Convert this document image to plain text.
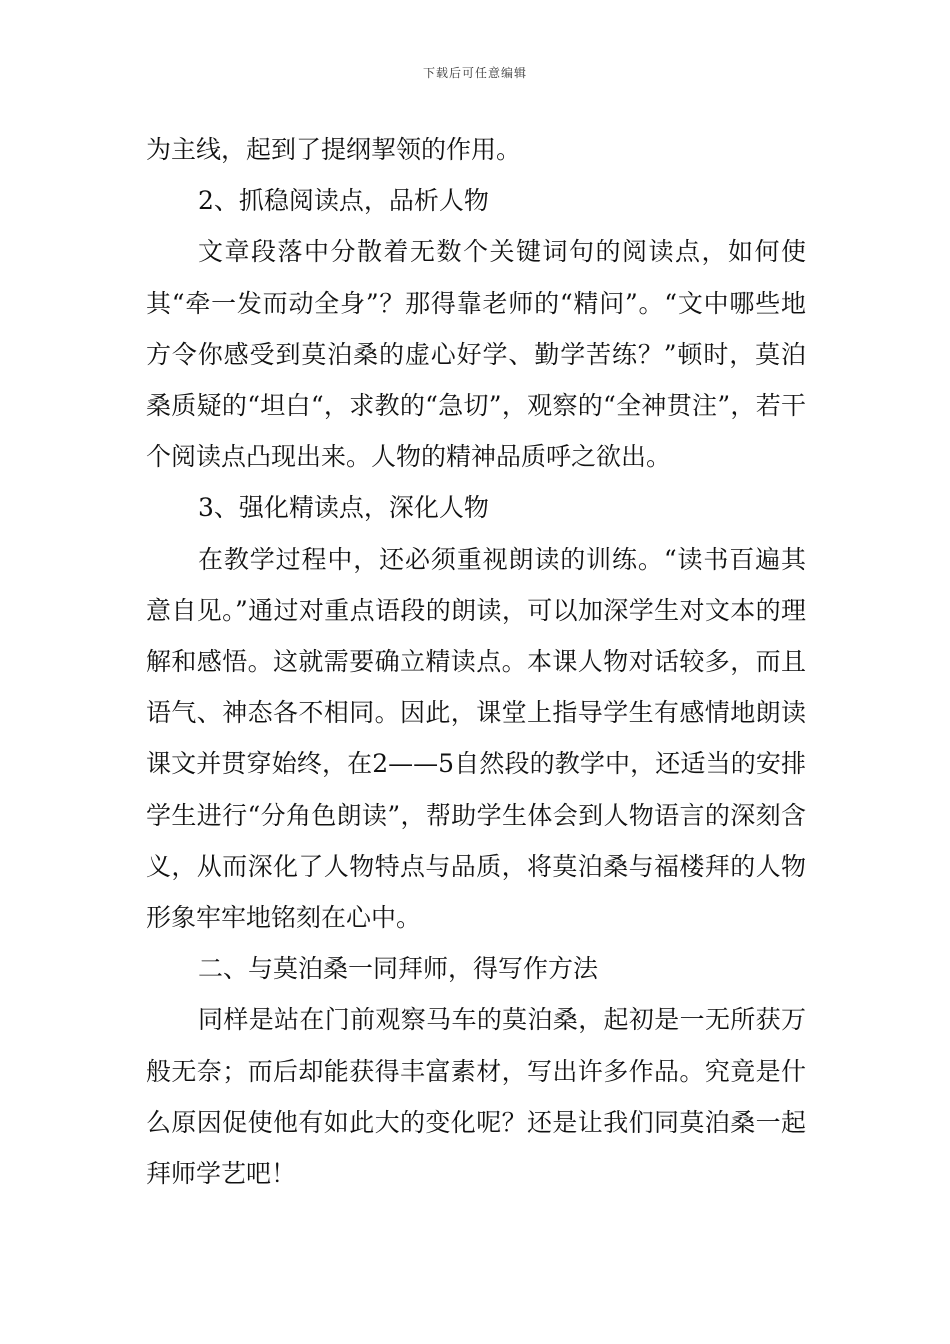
下载后可任意编辑

为主线，起到了提纲挈领的作用。

2、抓稳阅读点，品析人物

文章段落中分散着无数个关键词句的阅读点，如何使其“牵一发而动全身”？那得靠老师的“精问”。“文中哪些地方令你感受到莫泊桑的虚心好学、勤学苦练？”顿时，莫泊桑质疑的“坦白“，求教的“急切”，观察的“全神贯注”，若干个阅读点凸现出来。人物的精神品质呼之欲出。

3、强化精读点，深化人物

在教学过程中，还必须重视朗读的训练。“读书百遍其意自见。”通过对重点语段的朗读，可以加深学生对文本的理解和感悟。这就需要确立精读点。本课人物对话较多，而且语气、神态各不相同。因此，课堂上指导学生有感情地朗读课文并贯穿始终，在2——5自然段的教学中，还适当的安排学生进行“分角色朗读”，帮助学生体会到人物语言的深刻含义，从而深化了人物特点与品质，将莫泊桑与福楼拜的人物形象牢牢地铭刻在心中。

二、与莫泊桑一同拜师，得写作方法

同样是站在门前观察马车的莫泊桑，起初是一无所获万般无奈；而后却能获得丰富素材，写出许多作品。究竟是什么原因促使他有如此大的变化呢？还是让我们同莫泊桑一起拜师学艺吧！
